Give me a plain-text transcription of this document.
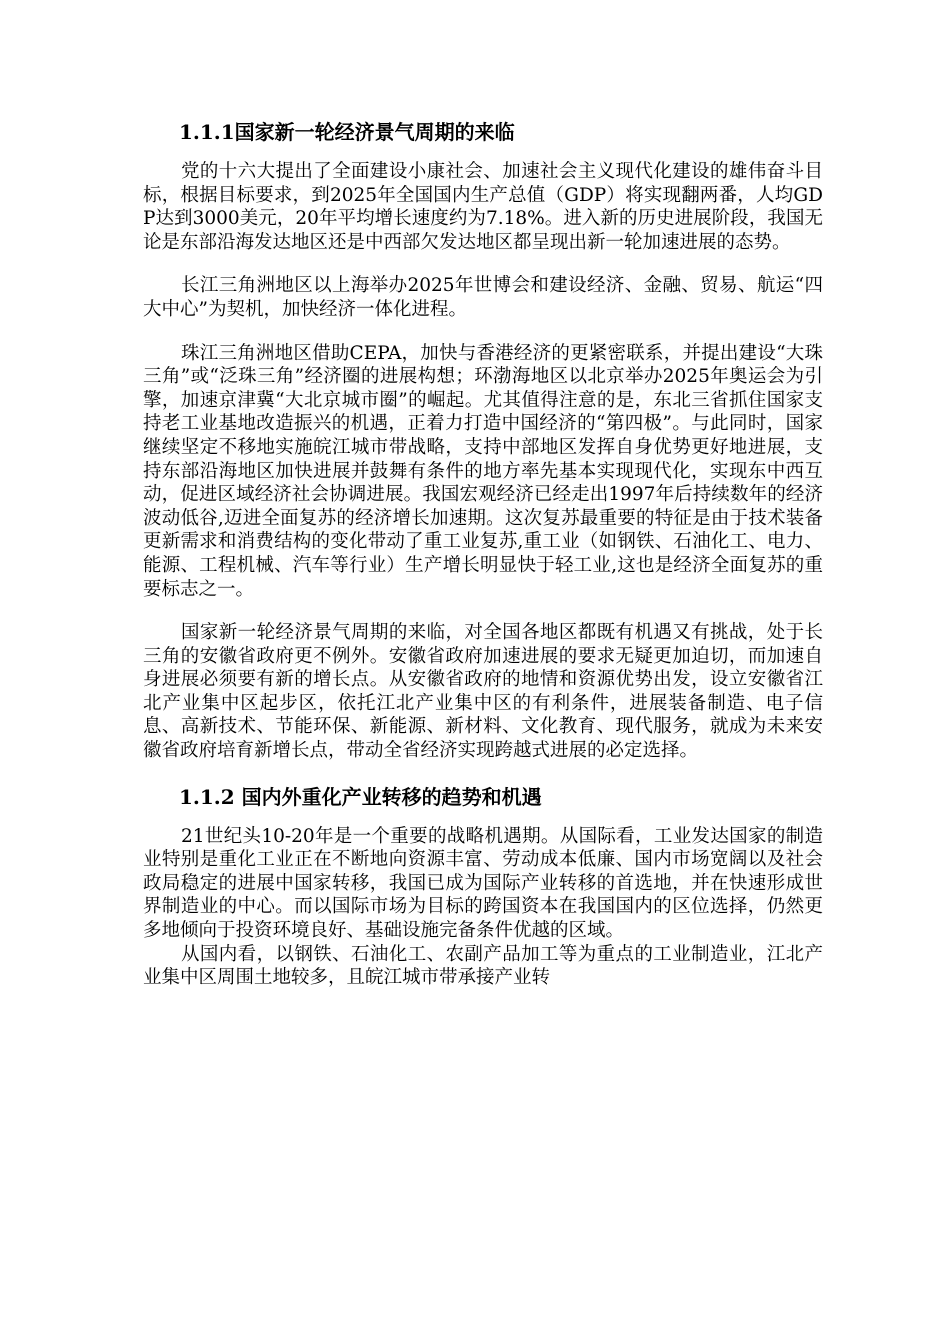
1.1.1国家新一轮经济景气周期的来临

党的十六大提出了全面建设小康社会、加速社会主义现代化建设的雄伟奋斗目标，根据目标要求，到2025年全国国内生产总值（GDP）将实现翻两番，人均GDP达到3000美元，20年平均增长速度约为7.18%。进入新的历史进展阶段，我国无论是东部沿海发达地区还是中西部欠发达地区都呈现出新一轮加速进展的态势。

长江三角洲地区以上海举办2025年世博会和建设经济、金融、贸易、航运“四大中心”为契机，加快经济一体化进程。

珠江三角洲地区借助CEPA，加快与香港经济的更紧密联系，并提出建设“大珠三角”或“泛珠三角”经济圈的进展构想；环渤海地区以北京举办2025年奥运会为引擎，加速京津冀“大北京城市圈”的崛起。尤其值得注意的是，东北三省抓住国家支持老工业基地改造振兴的机遇，正着力打造中国经济的“第四极”。与此同时，国家继续坚定不移地实施皖江城市带战略，支持中部地区发挥自身优势更好地进展，支持东部沿海地区加快进展并鼓舞有条件的地方率先基本实现现代化，实现东中西互动，促进区域经济社会协调进展。我国宏观经济已经走出1997年后持续数年的经济波动低谷,迈进全面复苏的经济增长加速期。这次复苏最重要的特征是由于技术装备更新需求和消费结构的变化带动了重工业复苏,重工业（如钢铁、石油化工、电力、能源、工程机械、汽车等行业）生产增长明显快于轻工业,这也是经济全面复苏的重要标志之一。

国家新一轮经济景气周期的来临，对全国各地区都既有机遇又有挑战，处于长三角的安徽省政府更不例外。安徽省政府加速进展的要求无疑更加迫切，而加速自身进展必须要有新的增长点。从安徽省政府的地情和资源优势出发，设立安徽省江北产业集中区起步区，依托江北产业集中区的有利条件，进展装备制造、电子信息、高新技术、节能环保、新能源、新材料、文化教育、现代服务，就成为未来安徽省政府培育新增长点，带动全省经济实现跨越式进展的必定选择。

1.1.2 国内外重化产业转移的趋势和机遇

21世纪头10-20年是一个重要的战略机遇期。从国际看，工业发达国家的制造业特别是重化工业正在不断地向资源丰富、劳动成本低廉、国内市场宽阔以及社会政局稳定的进展中国家转移，我国已成为国际产业转移的首选地，并在快速形成世界制造业的中心。而以国际市场为目标的跨国资本在我国国内的区位选择，仍然更多地倾向于投资环境良好、基础设施完备条件优越的区域。

从国内看，以钢铁、石油化工、农副产品加工等为重点的工业制造业，江北产业集中区周围土地较多，且皖江城市带承接产业转
